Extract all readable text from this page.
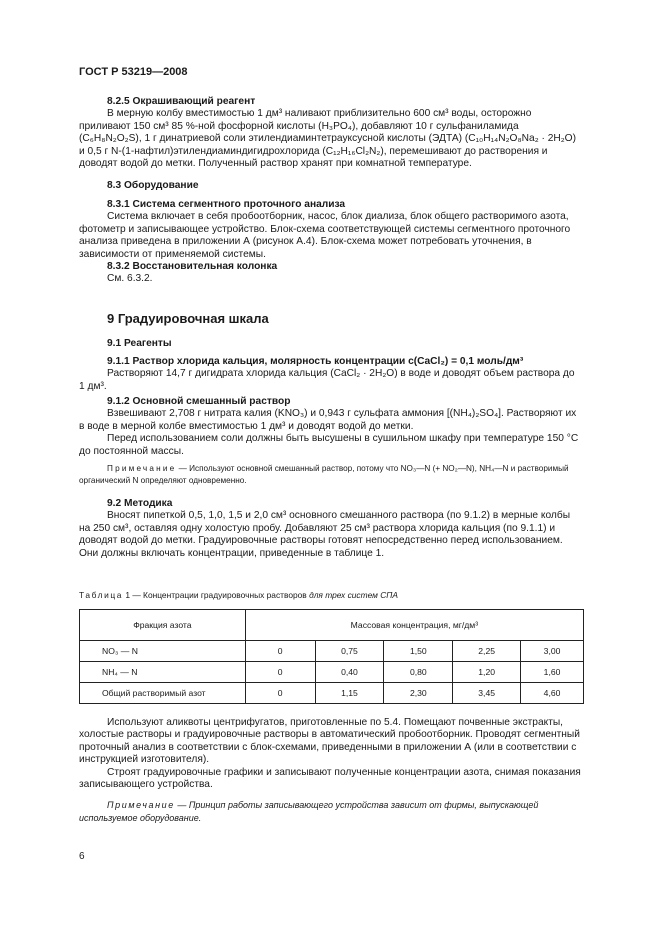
ГОСТ Р 53219—2008

8.2.5 Окрашивающий реагент

В мерную колбу вместимостью 1 дм³ наливают приблизительно 600 см³ воды, осторожно приливают 150 см³ 85 %-ной фосфорной кислоты (H₃PO₄), добавляют 10 г сульфаниламида (C₆H₈N₂O₂S), 1 г динатриевой соли этилендиаминтетрауксусной кислоты (ЭДТА) (C₁₀H₁₄N₂O₈Na₂ · 2H₂O) и 0,5 г N-(1-нафтил)этилендиаминдигидрохлорида (C₁₂H₁₆Cl₂N₂), перемешивают до растворения и доводят водой до метки. Полученный раствор хранят при комнатной температуре.

8.3 Оборудование

8.3.1 Система сегментного проточного анализа

Система включает в себя пробоотборник, насос, блок диализа, блок общего растворимого азота, фотометр и записывающее устройство. Блок-схема соответствующей системы сегментного проточного анализа приведена в приложении А (рисунок А.4). Блок-схема может потребовать уточнения, в зависимости от применяемой системы.

8.3.2 Восстановительная колонка

См. 6.3.2.

9 Градуировочная шкала

9.1 Реагенты

9.1.1 Раствор хлорида кальция, молярность концентрации c(CaCl₂) = 0,1 моль/дм³

Растворяют 14,7 г дигидрата хлорида кальция (CaCl₂ · 2H₂O) в воде и доводят объем раствора до 1 дм³.

9.1.2 Основной смешанный раствор

Взвешивают 2,708 г нитрата калия (KNO₃) и 0,943 г сульфата аммония [(NH₄)₂SO₄]. Растворяют их в воде в мерной колбе вместимостью 1 дм³ и доводят водой до метки.

Перед использованием соли должны быть высушены в сушильном шкафу при температуре 150 °С до постоянной массы.

Примечание — Используют основной смешанный раствор, потому что NO₃—N (+ NO₂—N), NH₄—N и растворимый органический N определяют одновременно.

9.2 Методика

Вносят пипеткой 0,5, 1,0, 1,5 и 2,0 см³ основного смешанного раствора (по 9.1.2) в мерные колбы на 250 см³, оставляя одну холостую пробу. Добавляют 25 см³ раствора хлорида кальция (по 9.1.1) и доводят водой до метки. Градуировочные растворы готовят непосредственно перед использованием. Они должны включать концентрации, приведенные в таблице 1.

Таблица 1 — Концентрации градуировочных растворов для трех систем СПА
Фракция азота	Массовая концентрация, мг/дм³				
NO₃ — N	0	0,75	1,50	2,25	3,00
NH₄ — N	0	0,40	0,80	1,20	1,60
Общий растворимый азот	0	1,15	2,30	3,45	4,60

Используют аликвоты центрифугатов, приготовленные по 5.4. Помещают почвенные экстракты, холостые растворы и градуировочные растворы в автоматический пробоотборник. Проводят сегментный проточный анализ в соответствии с блок-схемами, приведенными в приложении А (или в соответствии с инструкцией изготовителя).

Строят градуировочные графики и записывают полученные концентрации азота, снимая показания записывающего устройства.

Примечание — Принцип работы записывающего устройства зависит от фирмы, выпускающей используемое оборудование.

6
